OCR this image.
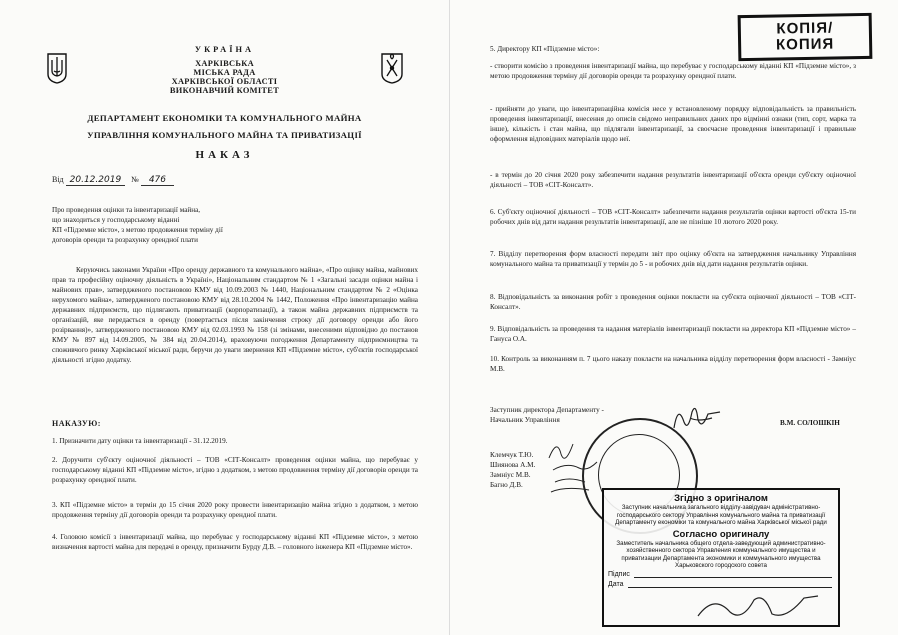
УКРАЇНА
ХАРКІВСЬКА
МІСЬКА РАДА
ХАРКІВСЬКОЇ ОБЛАСТІ
ВИКОНАВЧИЙ КОМІТЕТ
ДЕПАРТАМЕНТ ЕКОНОМІКИ ТА КОМУНАЛЬНОГО МАЙНА
УПРАВЛІННЯ КОМУНАЛЬНОГО МАЙНА ТА ПРИВАТИЗАЦІЇ
НАКАЗ
Від 20.12.2019 № 476
Про проведення оцінки та інвентаризації майна,
що знаходиться у господарському віданні
КП «Підземне місто», з метою продовження терміну дії
договорів оренди та розрахунку орендної плати

Керуючись законами України «Про оренду державного та комунального майна», «Про оцінку майна, майнових прав та професійну оціночну діяльність в Україні», Національним стандартом № 1 «Загальні засади оцінки майна і майнових прав», затвердженого постановою КМУ від 10.09.2003 № 1440, Національним стандартом № 2 «Оцінка нерухомого майна», затвердженого постановою КМУ від 28.10.2004 № 1442, Положення «Про інвентаризацію майна державних підприємств, що підлягають приватизації (корпоратизації), а також майна державних підприємств та організацій, яке передається в оренду (повертається після закінчення строку дії договору оренди або його розірвання)», затвердженого постановою КМУ від 02.03.1993 № 158 (зі змінами, внесеними відповідно до постанов КМУ № 897 від 14.09.2005, № 384 від 20.04.2014), враховуючи погодження Департаменту підприємництва та споживчого ринку Харківської міської ради, беручи до уваги звернення КП «Підземне місто», суб'єктів господарської діяльності згідно додатку.

НАКАЗУЮ:

1. Призначити дату оцінки та інвентаризації - 31.12.2019.

2. Доручити суб'єкту оціночної діяльності – ТОВ «СІТ-Консалт» проведення оцінки майна, що перебуває у господарському віданні КП «Підземне місто», згідно з додатком, з метою продовження терміну дії договорів оренди та розрахунку орендної плати.

3. КП «Підземне місто» в термін до 15 січня 2020 року провести інвентаризацію майна згідно з додатком, з метою продовження терміну дії договорів оренди та розрахунку орендної плати.

4. Головою комісії з інвентаризації майна, що перебуває у господарському віданні КП «Підземне місто», з метою визначення вартості майна для передачі в оренду, призначити Бурду Д.В. – головного інженера КП «Підземне місто».

КОПІЯ/
КОПИЯ
5. Директору КП «Підземне місто»:

- створити комісію з проведення інвентаризації майна, що перебуває у господарському віданні КП «Підземне місто», з метою продовження терміну дії договорів оренди та розрахунку орендної плати.

- прийняти до уваги, що інвентаризаційна комісія несе у встановленому порядку відповідальність за правильність проведення інвентаризації, внесення до описів свідомо неправильних даних про відмінні ознаки (тип, сорт, марка та інше), кількість і стан майна, що підлягали інвентаризації, за своєчасне проведення інвентаризації і правильне оформлення відповідних матеріалів щодо неї.

- в термін до 20 січня 2020 року забезпечити надання результатів інвентаризації об'єкта оренди суб'єкту оціночної діяльності – ТОВ «СІТ-Консалт».

6. Суб'єкту оціночної діяльності – ТОВ «СІТ-Консалт» забезпечити надання результатів оцінки вартості об'єкта 15-ти робочих днів від дати надання результатів інвентаризації, але не пізніше 10 лютого 2020 року.

7. Відділу перетворення форм власності передати звіт про оцінку об'єкта на затвердження начальнику Управління комунального майна та приватизації у термін до 5 - и робочих днів від дати надання результатів оцінки.

8. Відповідальність за виконання робіт з проведення оцінки покласти на суб'єкта оціночної діяльності – ТОВ «СІТ-Консалт».

9. Відповідальність за проведення та надання матеріалів інвентаризації покласти на директора КП «Підземне місто» – Гануса О.А.

10. Контроль за виконанням п. 7 цього наказу покласти на начальника відділу перетворення форм власності - Замніус М.В.

Заступник директора Департаменту -
Начальник Управління	В.М. СОЛОШКІН
Клемчук Т.Ю.
Шиянова А.М.
Замніус М.В.
Багно Д.В.
Згідно з оригіналом
Заступник начальника загального відділу-завідувач адміністративно-господарського сектору Управління комунального майна та приватизації Департаменту економіки та комунального майна Харківської міської ради
Согласно оригиналу
Заместитель начальника общего отдела-заведующий административно-хозяйственного сектора Управления коммунального имущества и приватизации Департамента экономики и коммунального имущества Харьковского городского совета
Підпис
Дата
